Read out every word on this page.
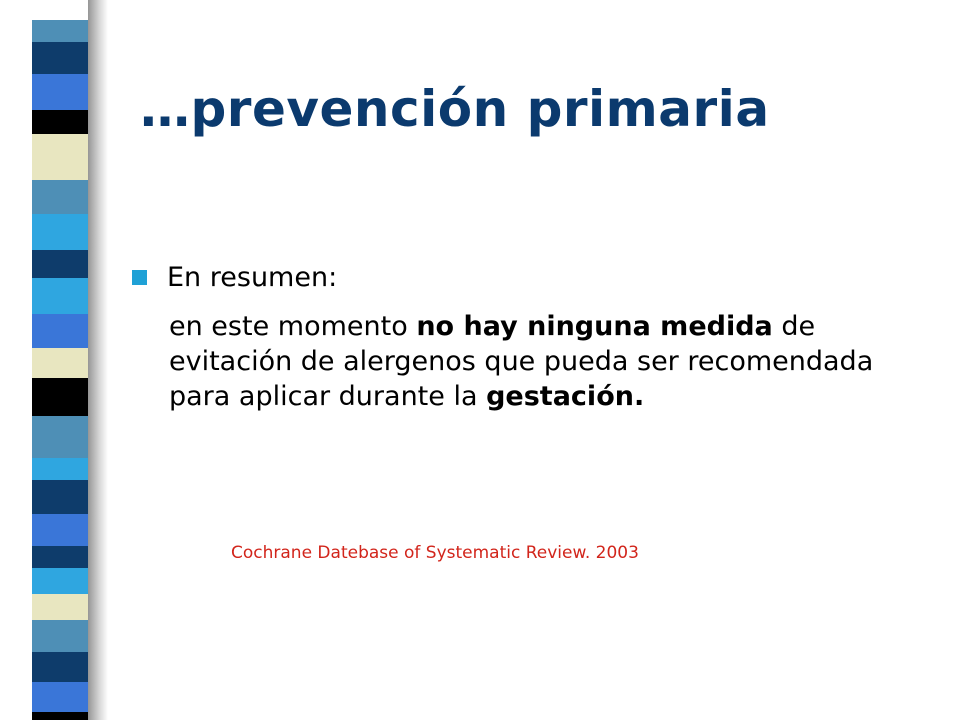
…prevención primaria
En resumen:

en este momento no hay ninguna medida de evitación de alergenos que pueda ser recomendada para aplicar durante la gestación.

Cochrane Datebase of Systematic Review. 2003
